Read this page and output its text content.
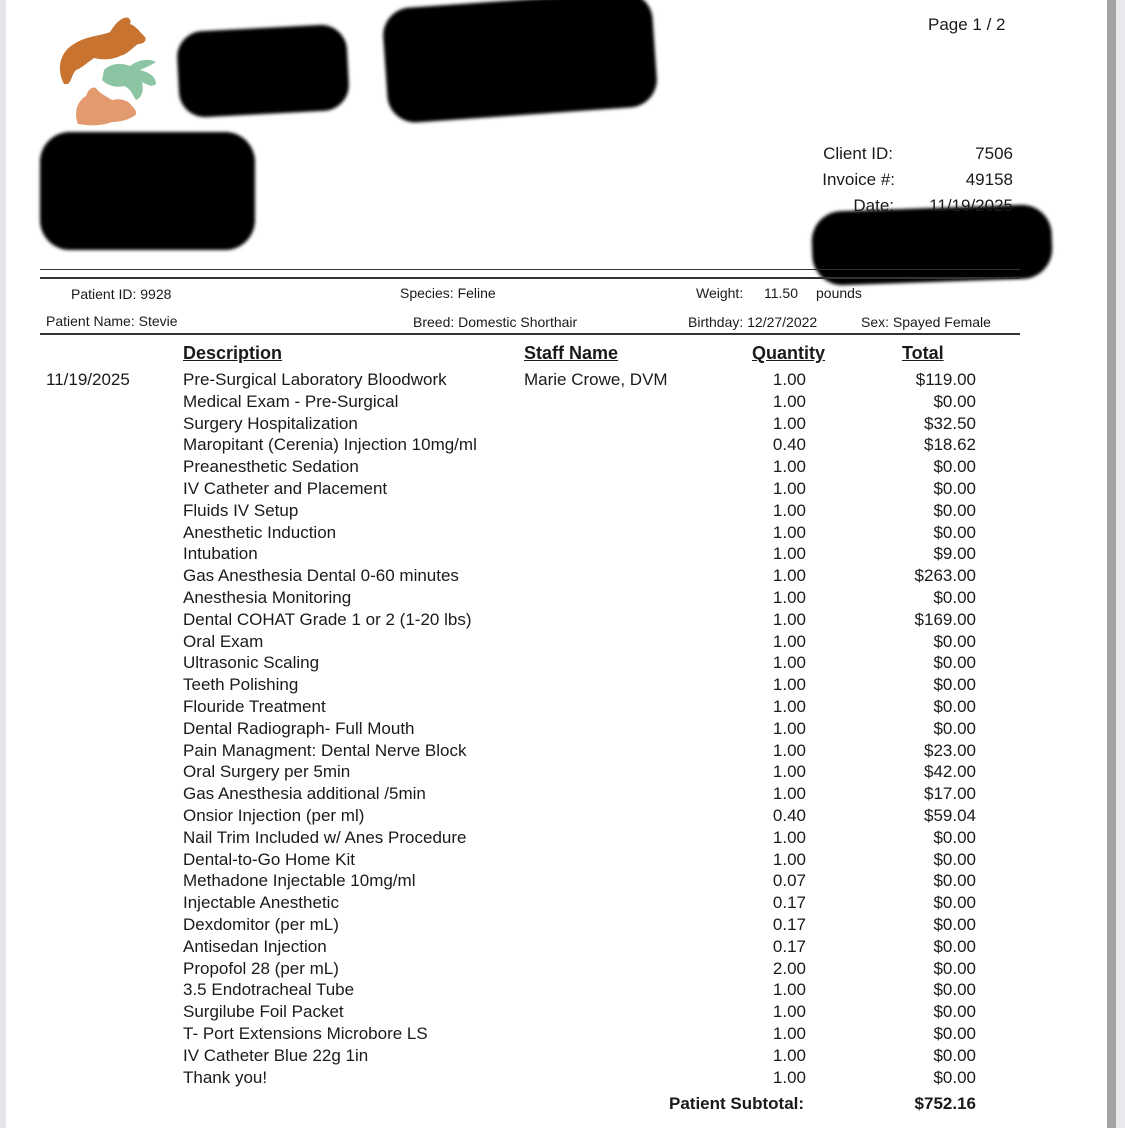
Page 1 / 2
Client ID:	7506
Invoice #:	49158
Date:	11/19/2025
Patient ID: 9928	Species: Feline	Weight: 11.50 pounds
Patient Name: Stevie	Breed: Domestic Shorthair	Birthday: 12/27/2022	Sex: Spayed Female
Description	Staff Name	Quantity	Total
11/19/2025	Pre-Surgical Laboratory Bloodwork	Marie Crowe, DVM	1.00	$119.00
Medical Exam - Pre-Surgical	1.00	$0.00
Surgery Hospitalization	1.00	$32.50
Maropitant (Cerenia) Injection 10mg/ml	0.40	$18.62
Preanesthetic Sedation	1.00	$0.00
IV Catheter and Placement	1.00	$0.00
Fluids IV Setup	1.00	$0.00
Anesthetic Induction	1.00	$0.00
Intubation	1.00	$9.00
Gas Anesthesia Dental 0-60 minutes	1.00	$263.00
Anesthesia Monitoring	1.00	$0.00
Dental COHAT Grade 1 or 2 (1-20 lbs)	1.00	$169.00
Oral Exam	1.00	$0.00
Ultrasonic Scaling	1.00	$0.00
Teeth Polishing	1.00	$0.00
Flouride Treatment	1.00	$0.00
Dental Radiograph- Full Mouth	1.00	$0.00
Pain Managment: Dental Nerve Block	1.00	$23.00
Oral Surgery per 5min	1.00	$42.00
Gas Anesthesia additional /5min	1.00	$17.00
Onsior Injection (per ml)	0.40	$59.04
Nail Trim Included w/ Anes Procedure	1.00	$0.00
Dental-to-Go Home Kit	1.00	$0.00
Methadone Injectable 10mg/ml	0.07	$0.00
Injectable Anesthetic	0.17	$0.00
Dexdomitor (per mL)	0.17	$0.00
Antisedan Injection	0.17	$0.00
Propofol 28 (per mL)	2.00	$0.00
3.5 Endotracheal Tube	1.00	$0.00
Surgilube Foil Packet	1.00	$0.00
T- Port Extensions Microbore LS	1.00	$0.00
IV Catheter Blue 22g 1in	1.00	$0.00
Thank you!	1.00	$0.00
Patient Subtotal:	$752.16
